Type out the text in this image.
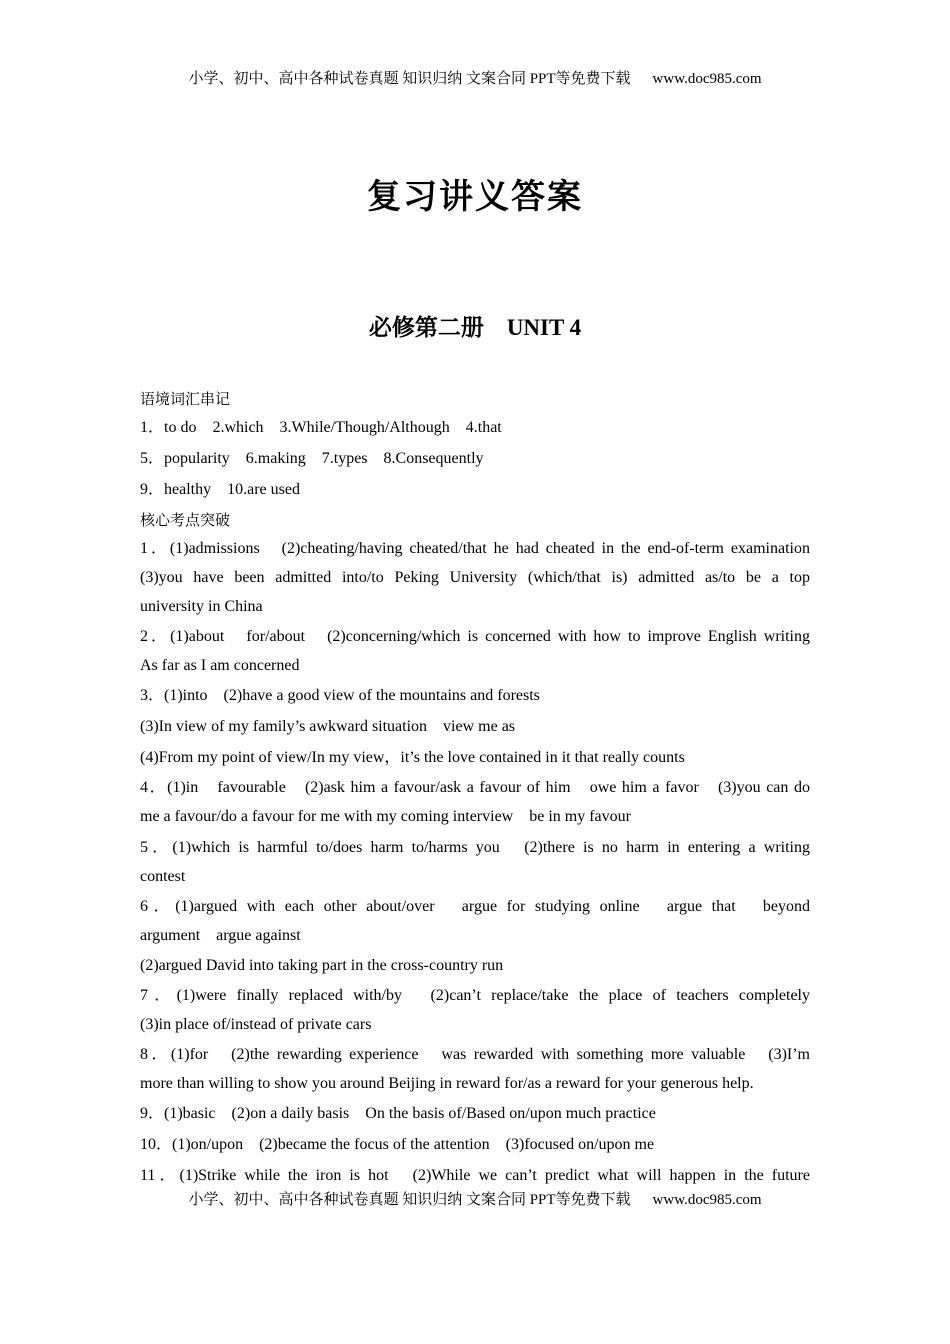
小学、初中、高中各种试卷真题 知识归纳 文案合同 PPT等免费下载 www.doc985.com
复习讲义答案
必修第二册　UNIT 4
语境词汇串记
1．to do　2.which　3.While/Though/Although　4.that
5．popularity　6.making　7.types　8.Consequently
9．healthy　10.are used
核心考点突破
1．(1)admissions　(2)cheating/having cheated/that he had cheated in the end-of-term examination
(3)you have been admitted into/to Peking University (which/that is) admitted as/to be a top
university in China
2．(1)about　for/about　(2)concerning/which is concerned with how to improve English writing
As far as I am concerned
3．(1)into　(2)have a good view of the mountains and forests
(3)In view of my family’s awkward situation　view me as
(4)From my point of view/In my view，it’s the love contained in it that really counts
4．(1)in　favourable　(2)ask him a favour/ask a favour of him　owe him a favor　(3)you can do
me a favour/do a favour for me with my coming interview　be in my favour
5．(1)which is harmful to/does harm to/harms you　(2)there is no harm in entering a writing
contest
6．(1)argued with each other about/over　argue for studying online　argue that　beyond
argument　argue against
(2)argued David into taking part in the cross-country run
7．(1)were finally replaced with/by　(2)can’t replace/take the place of teachers completely
(3)in place of/instead of private cars
8．(1)for　(2)the rewarding experience　was rewarded with something more valuable　(3)I’m
more than willing to show you around Beijing in reward for/as a reward for your generous help.
9．(1)basic　(2)on a daily basis　On the basis of/Based on/upon much practice
10．(1)on/upon　(2)became the focus of the attention　(3)focused on/upon me
11．(1)Strike while the iron is hot　(2)While we can’t predict what will happen in the future
小学、初中、高中各种试卷真题 知识归纳 文案合同 PPT等免费下载 www.doc985.com
